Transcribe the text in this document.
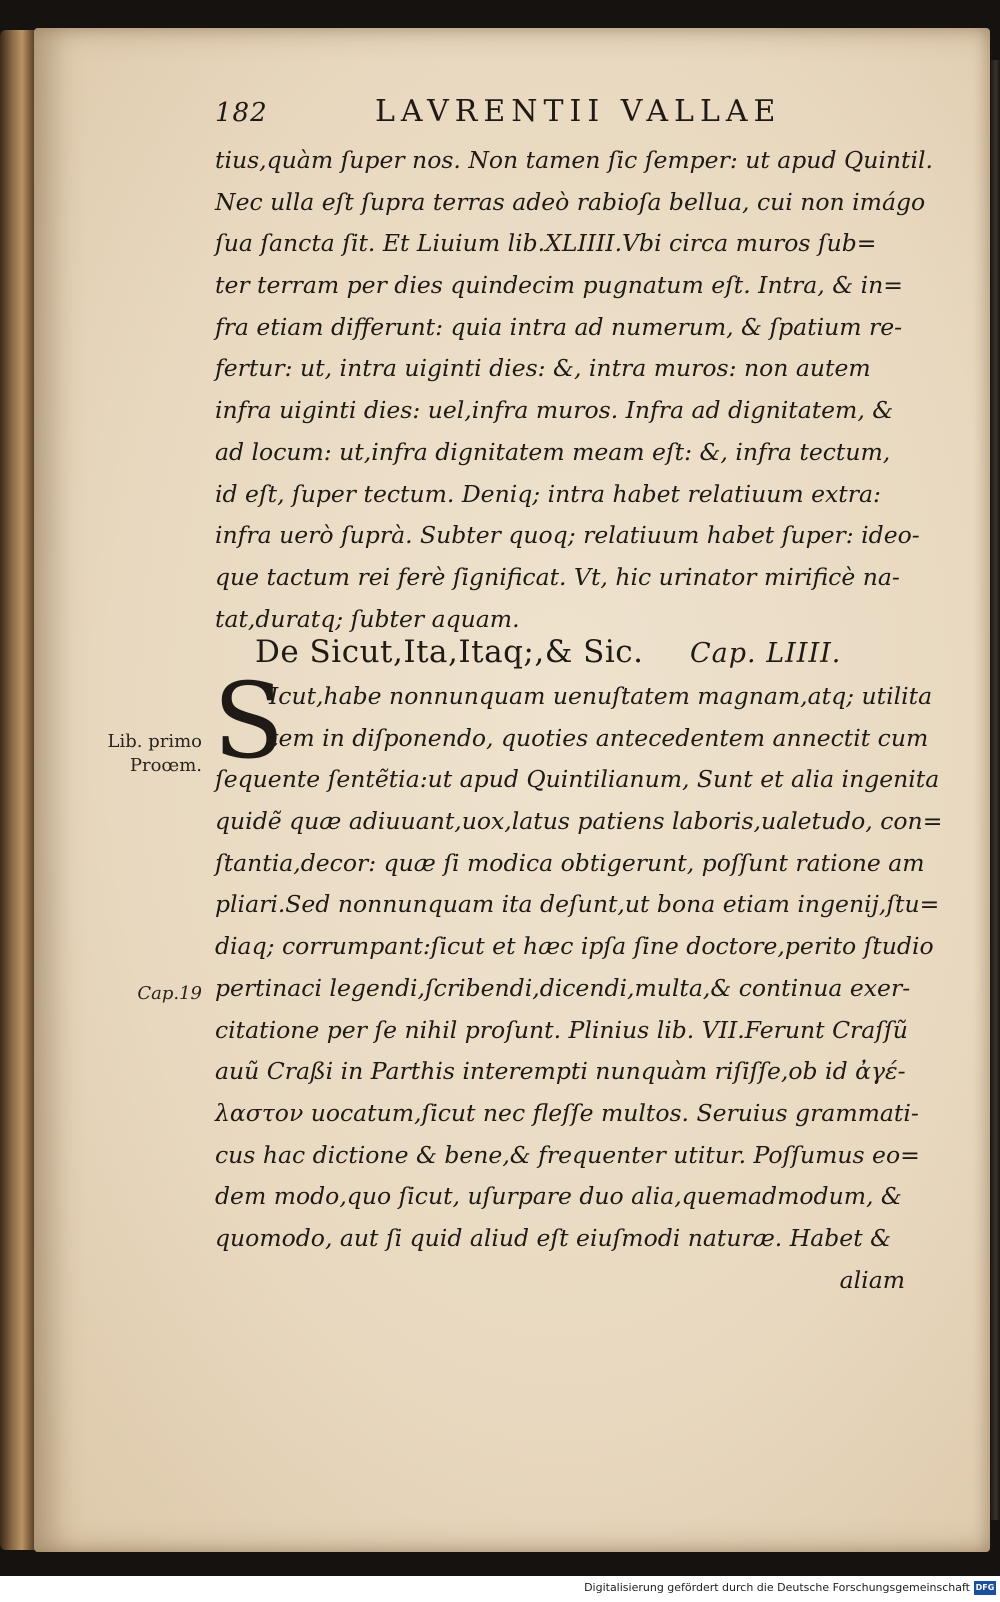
182	LAVRENTII VALLAE
tius,quàm ſuper nos. Non tamen ſic ſemper: ut apud Quintil.
Nec ulla eſt ſupra terras adeò rabioſa bellua, cui non imágo
ſua ſancta ſit. Et Liuium lib.XLIIII.Vbi circa muros ſub=
ter terram per dies quindecim pugnatum eſt. Intra, & in=
fra etiam differunt: quia intra ad numerum, & ſpatium re-
fertur: ut, intra uiginti dies: &, intra muros: non autem
infra uiginti dies: uel,infra muros. Infra ad dignitatem, &
ad locum: ut,infra dignitatem meam eſt: &, infra tectum,
id eſt, ſuper tectum. Deniq; intra habet relatiuum extra:
infra uerò ſuprà. Subter quoq; relatiuum habet ſuper: ideo-
que tactum rei ferè ſignificat. Vt, hic urinator mirificè na-
tat,duratq; ſubter aquam.
De Sicut,Ita,Itaq;,& Sic. Cap. LIIII.
S
Icut,habe nonnunquam uenuſtatem magnam,atq; utilita
tem in diſponendo, quoties antecedentem annectit cum
ſequente ſentẽtia:ut apud Quintilianum, Sunt et alia ingenita
quidẽ quæ adiuuant,uox,latus patiens laboris,ualetudo, con=
ſtantia,decor: quæ ſi modica obtigerunt, poſſunt ratione am
pliari.Sed nonnunquam ita deſunt,ut bona etiam ingenij,ſtu=
diaq; corrumpant:ſicut et hæc ipſa ſine doctore,perito ſtudio
pertinaci legendi,ſcribendi,dicendi,multa,& continua exer-
citatione per ſe nihil proſunt. Plinius lib. VII.Ferunt Craſſũ
auũ Craßi in Parthis interempti nunquàm riſiſſe,ob id ἀγέ-
λαστον uocatum,ſicut nec fleſſe multos. Seruius grammati-
cus hac dictione & bene,& frequenter utitur. Poſſumus eo=
dem modo,quo ſicut, uſurpare duo alia,quemadmodum, &
quomodo, aut ſi quid aliud eſt eiuſmodi naturæ. Habet &
aliam
Lib. primo
Proœm.
Cap.19
Digitalisierung gefördert durch die Deutsche Forschungsgemeinschaft DFG
